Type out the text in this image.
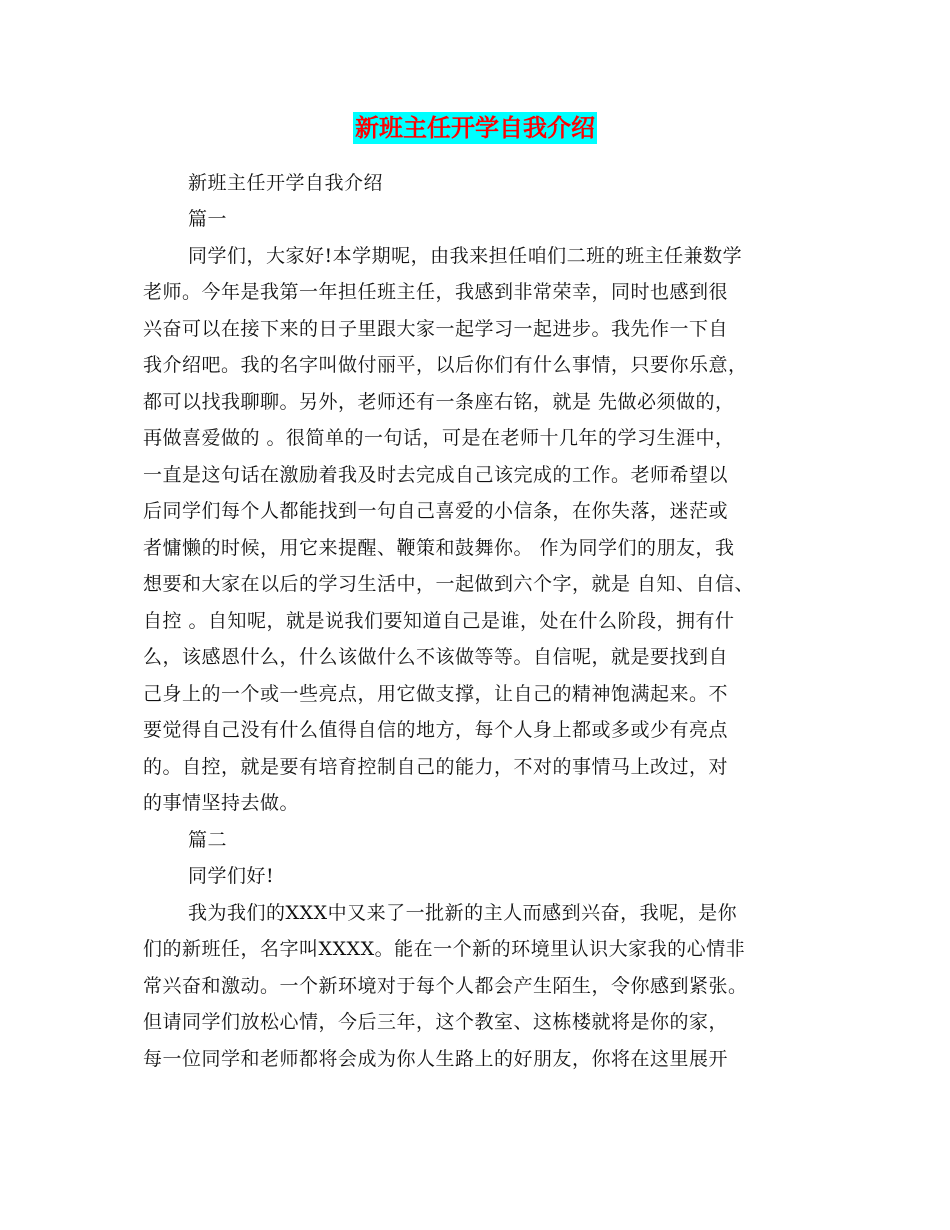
新班主任开学自我介绍
新班主任开学自我介绍
篇一
同学们，大家好!本学期呢，由我来担任咱们二班的班主任兼数学
老师。今年是我第一年担任班主任，我感到非常荣幸，同时也感到很
兴奋可以在接下来的日子里跟大家一起学习一起进步。我先作一下自
我介绍吧。我的名字叫做付丽平，以后你们有什么事情，只要你乐意，
都可以找我聊聊。另外，老师还有一条座右铭，就是 先做必须做的，
再做喜爱做的 。很简单的一句话，可是在老师十几年的学习生涯中，
一直是这句话在激励着我及时去完成自己该完成的工作。老师希望以
后同学们每个人都能找到一句自己喜爱的小信条，在你失落，迷茫或
者慵懒的时候，用它来提醒、鞭策和鼓舞你。 作为同学们的朋友，我
想要和大家在以后的学习生活中，一起做到六个字，就是 自知、自信、
自控 。自知呢，就是说我们要知道自己是谁，处在什么阶段，拥有什
么，该感恩什么，什么该做什么不该做等等。自信呢，就是要找到自
己身上的一个或一些亮点，用它做支撑，让自己的精神饱满起来。不
要觉得自己没有什么值得自信的地方，每个人身上都或多或少有亮点
的。自控，就是要有培育控制自己的能力，不对的事情马上改过，对
的事情坚持去做。
篇二
同学们好!
我为我们的XXX中又来了一批新的主人而感到兴奋，我呢，是你
们的新班任，名字叫XXXX。能在一个新的环境里认识大家我的心情非
常兴奋和激动。一个新环境对于每个人都会产生陌生，令你感到紧张。
但请同学们放松心情，今后三年，这个教室、这栋楼就将是你的家，
每一位同学和老师都将会成为你人生路上的好朋友，你将在这里展开
